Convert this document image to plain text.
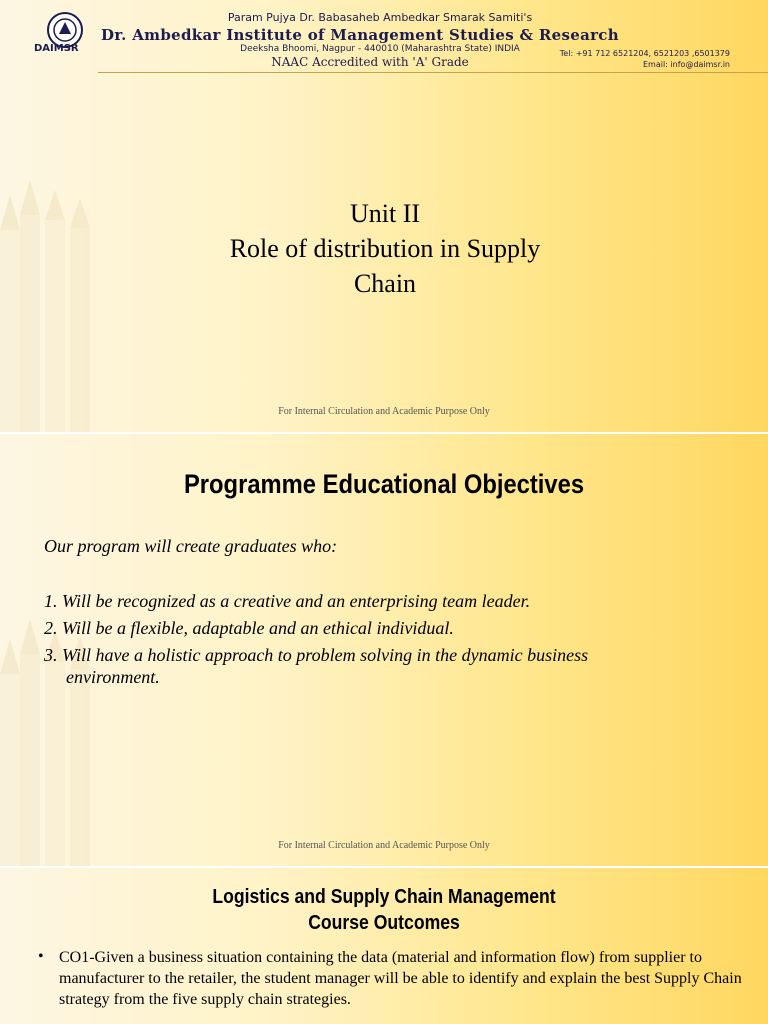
DAIMSR
Param Pujya Dr. Babasaheb Ambedkar Smarak Samiti's
Dr. Ambedkar Institute of Management Studies & Research
Deeksha Bhoomi, Nagpur - 440010 (Maharashtra State) INDIA
NAAC Accredited with 'A' Grade
Tel: +91 712 6521204, 6521203 ,6501379
Email: info@daimsr.in
Unit II
Role of distribution in Supply
Chain
For Internal Circulation and Academic Purpose Only
Programme Educational Objectives
Our program will create graduates who:
1. Will be recognized as a creative and an enterprising team leader.
2. Will be a flexible, adaptable and an ethical individual.
3. Will have a holistic approach to problem solving in the dynamic business
environment.
For Internal Circulation and Academic Purpose Only
Logistics and Supply Chain Management
Course Outcomes
• CO1-Given a business situation containing the data (material and information flow) from supplier to manufacturer to the retailer, the student manager will be able to identify and explain the best Supply Chain strategy from the five supply chain strategies.
